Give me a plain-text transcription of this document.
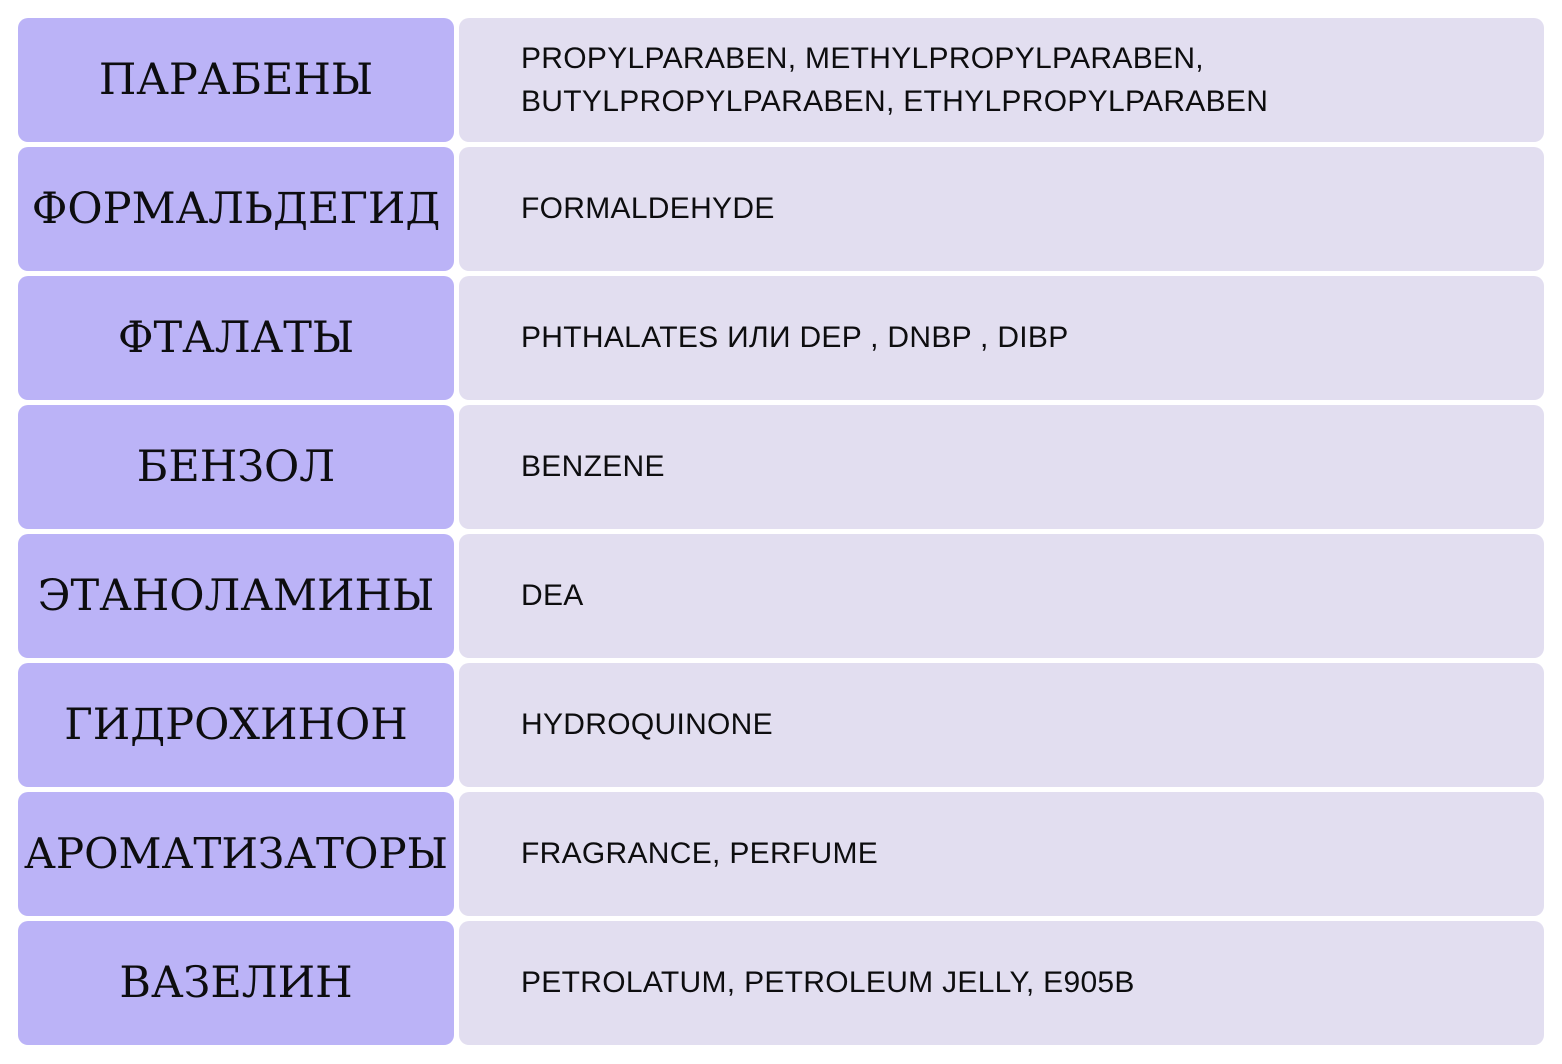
ПАРАБЕНЫ	PROPYLPARABEN, METHYLPROPYLPARABEN, BUTYLPROPYLPARABEN, ETHYLPROPYLPARABEN
ФОРМАЛЬДЕГИД	FORMALDEHYDE
ФТАЛАТЫ	PHTHALATES ИЛИ DEP , DNBP , DIBP
БЕНЗОЛ	BENZENE
ЭТАНОЛАМИНЫ	DEA
ГИДРОХИНОН	HYDROQUINONE
АРОМАТИЗАТОРЫ FRAGRANCE, PERFUME
ВАЗЕЛИН	PETROLATUM, PETROLEUM JELLY, E905B
